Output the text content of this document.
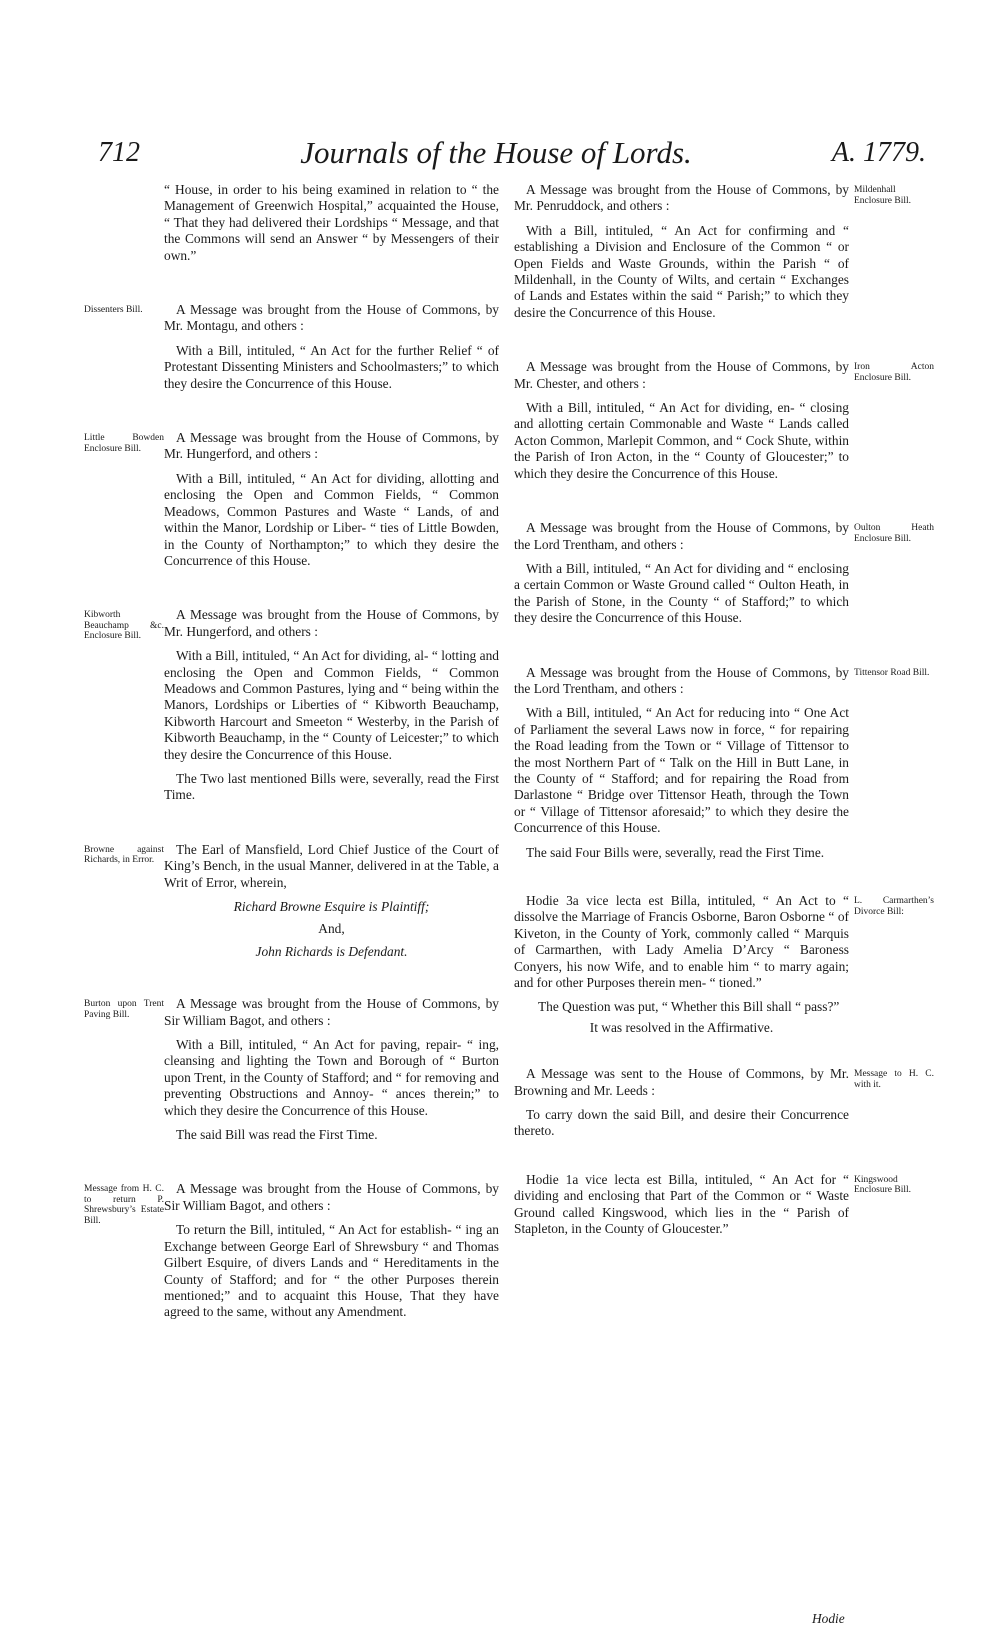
712	Journals of the House of Lords.	A. 1779.

“ House, in order to his being examined in relation to “ the Management of Greenwich Hospital,” acquainted the House, “ That they had delivered their Lordships “ Message, and that the Commons will send an Answer “ by Messengers of their own.”

Dissenters Bill.	A Message was brought from the House of Commons, by Mr. Montagu, and others :

With a Bill, intituled, “ An Act for the further Relief “ of Protestant Dissenting Ministers and Schoolmasters;” to which they desire the Concurrence of this House.

Little Bowden Enclosure Bill.

A Message was brought from the House of Commons, by Mr. Hungerford, and others :

With a Bill, intituled, “ An Act for dividing, allotting and enclosing the Open and Common Fields, “ Common Meadows, Common Pastures and Waste “ Lands, of and within the Manor, Lordship or Liber- “ ties of Little Bowden, in the County of Northampton;” to which they desire the Concurrence of this House.

Kibworth Beauchamp &c. Enclosure Bill.

A Message was brought from the House of Commons, by Mr. Hungerford, and others :

With a Bill, intituled, “ An Act for dividing, al- “ lotting and enclosing the Open and Common Fields, “ Common Meadows and Common Pastures, lying and “ being within the Manors, Lordships or Liberties of “ Kibworth Beauchamp, Kibworth Harcourt and Smeeton “ Westerby, in the Parish of Kibworth Beauchamp, in the “ County of Leicester;” to which they desire the Concurrence of this House.

The Two last mentioned Bills were, severally, read the First Time.

Browne against Richards, in Error.

The Earl of Mansfield, Lord Chief Justice of the Court of King’s Bench, in the usual Manner, delivered in at the Table, a Writ of Error, wherein,

Richard Browne Esquire is Plaintiff;

And,

John Richards is Defendant.

Burton upon Trent Paving Bill.

A Message was brought from the House of Commons, by Sir William Bagot, and others :

With a Bill, intituled, “ An Act for paving, repair- “ ing, cleansing and lighting the Town and Borough of “ Burton upon Trent, in the County of Stafford; and “ for removing and preventing Obstructions and Annoy- “ ances therein;” to which they desire the Concurrence of this House.

The said Bill was read the First Time.

Message from H. C. to return P. Shrewsbury’s Estate Bill.

A Message was brought from the House of Commons, by Sir William Bagot, and others :

To return the Bill, intituled, “ An Act for establish- “ ing an Exchange between George Earl of Shrewsbury “ and Thomas Gilbert Esquire, of divers Lands and “ Hereditaments in the County of Stafford; and for “ the other Purposes therein mentioned;” and to acquaint this House, That they have agreed to the same, without any Amendment.

Mildenhall Enclosure Bill.

A Message was brought from the House of Commons, by Mr. Penruddock, and others :

With a Bill, intituled, “ An Act for confirming and “ establishing a Division and Enclosure of the Common “ or Open Fields and Waste Grounds, within the Parish “ of Mildenhall, in the County of Wilts, and certain “ Exchanges of Lands and Estates within the said “ Parish;” to which they desire the Concurrence of this House.

Iron Acton Enclosure Bill.

A Message was brought from the House of Commons, by Mr. Chester, and others :

With a Bill, intituled, “ An Act for dividing, en- “ closing and allotting certain Commonable and Waste “ Lands called Acton Common, Marlepit Common, and “ Cock Shute, within the Parish of Iron Acton, in the “ County of Gloucester;” to which they desire the Concurrence of this House.

Oulton Heath Enclosure Bill.

A Message was brought from the House of Commons, by the Lord Trentham, and others :

With a Bill, intituled, “ An Act for dividing and “ enclosing a certain Common or Waste Ground called “ Oulton Heath, in the Parish of Stone, in the County “ of Stafford;” to which they desire the Concurrence of this House.

Tittensor Road Bill.

A Message was brought from the House of Commons, by the Lord Trentham, and others :

With a Bill, intituled, “ An Act for reducing into “ One Act of Parliament the several Laws now in force, “ for repairing the Road leading from the Town or “ Village of Tittensor to the most Northern Part of “ Talk on the Hill in Butt Lane, in the County of “ Stafford; and for repairing the Road from Darlastone “ Bridge over Tittensor Heath, through the Town or “ Village of Tittensor aforesaid;” to which they desire the Concurrence of this House.

The said Four Bills were, severally, read the First Time.

L. Carmarthen’s Divorce Bill:

Hodie 3a vice lecta est Billa, intituled, “ An Act to “ dissolve the Marriage of Francis Osborne, Baron Osborne “ of Kiveton, in the County of York, commonly called “ Marquis of Carmarthen, with Lady Amelia D’Arcy “ Baroness Conyers, his now Wife, and to enable him “ to marry again; and for other Purposes therein men- “ tioned.”

The Question was put, “ Whether this Bill shall “ pass?”

It was resolved in the Affirmative.

Message to H. C. with it.

A Message was sent to the House of Commons, by Mr. Browning and Mr. Leeds :

To carry down the said Bill, and desire their Concurrence thereto.

Kingswood Enclosure Bill.

Hodie 1a vice lecta est Billa, intituled, “ An Act for “ dividing and enclosing that Part of the Common or “ Waste Ground called Kingswood, which lies in the “ Parish of Stapleton, in the County of Gloucester.”

Hodie
